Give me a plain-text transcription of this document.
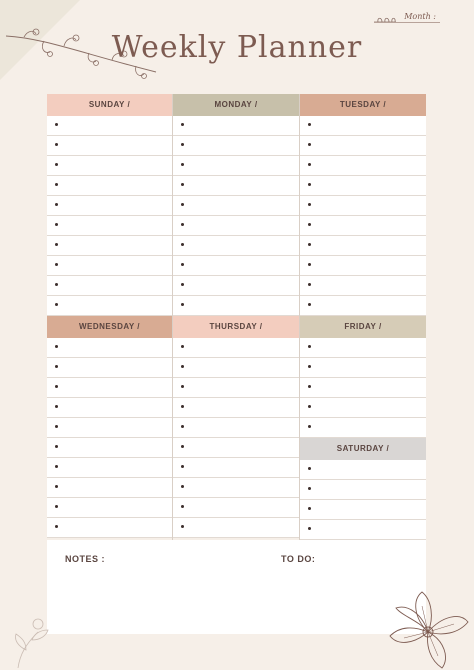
Weekly Planner
Month :
SUNDAY /
WEDNESDAY /
MONDAY /
THURSDAY /
TUESDAY /
FRIDAY /
SATURDAY /
NOTES :	TO DO:
